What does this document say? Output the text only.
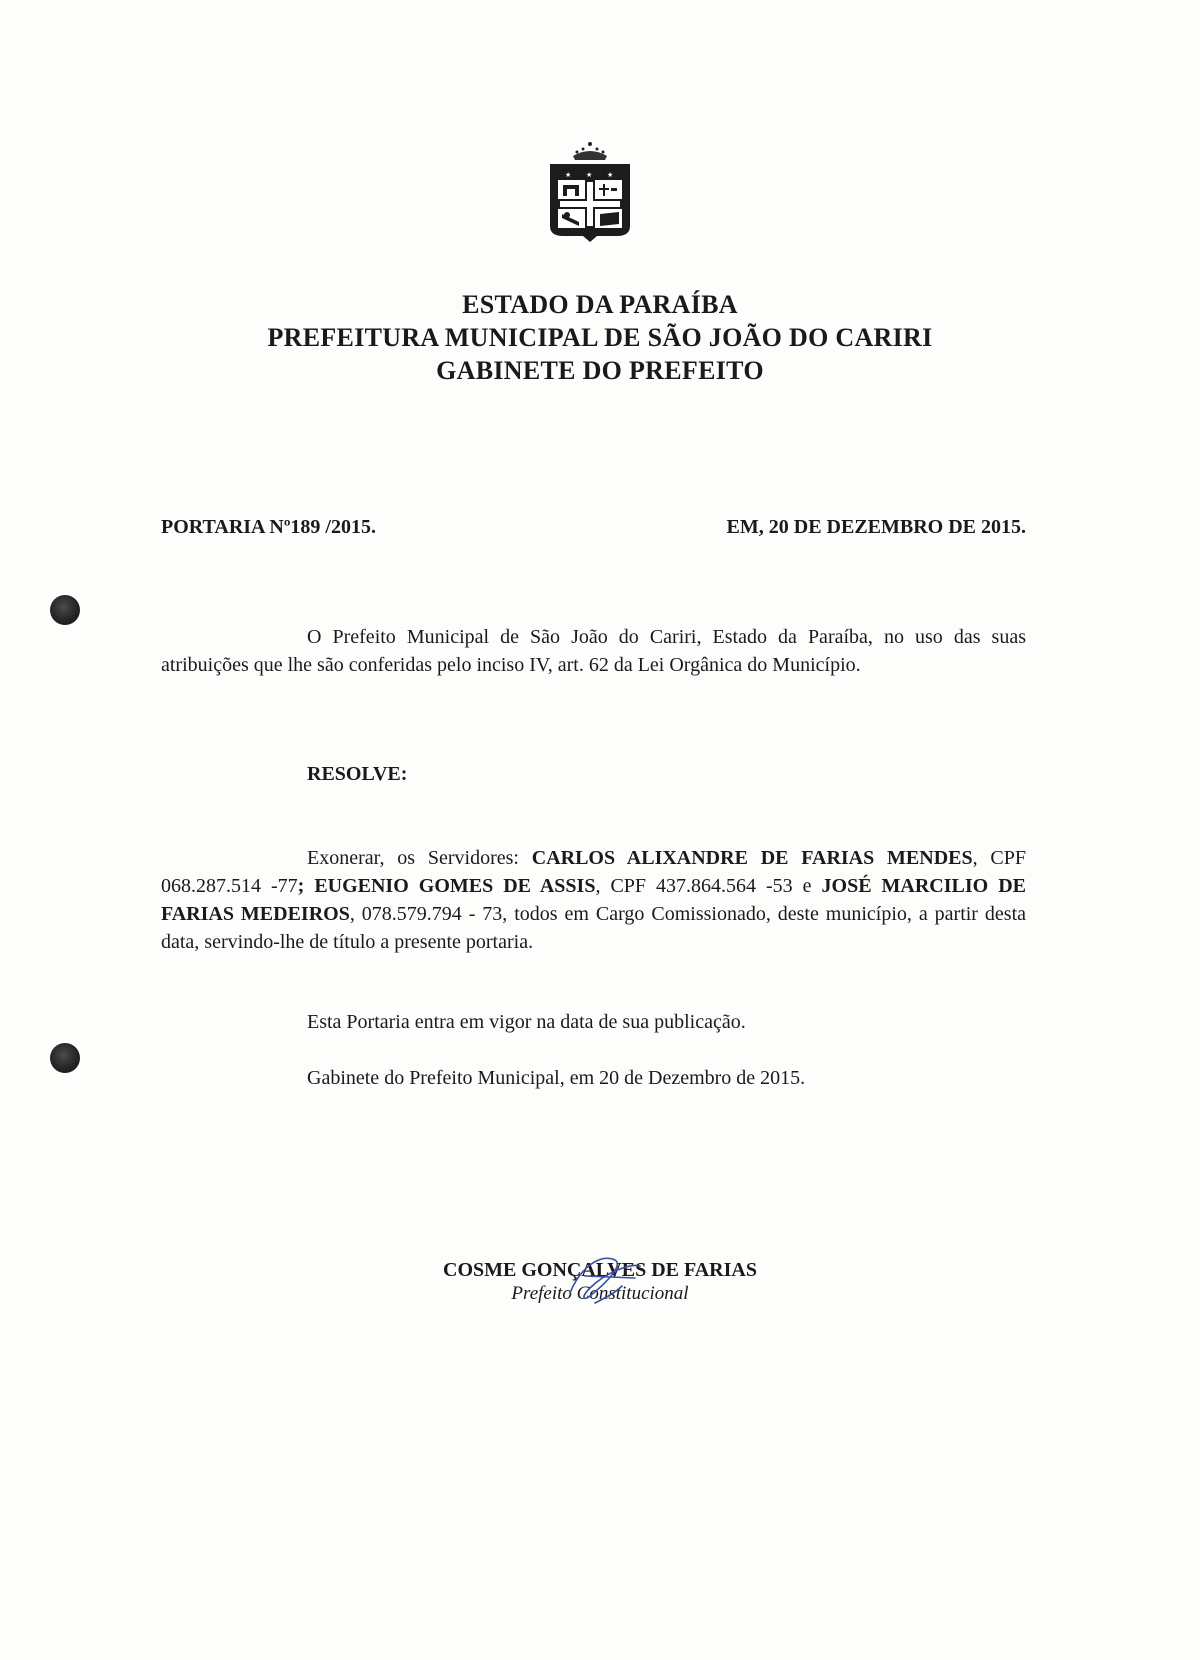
★ ★ ★
ESTADO DA PARAÍBA
PREFEITURA MUNICIPAL DE SÃO JOÃO DO CARIRI
GABINETE DO PREFEITO
PORTARIA Nº189 /2015.	EM, 20 DE DEZEMBRO DE 2015.
O Prefeito Municipal de São João do Cariri, Estado da Paraíba, no uso das suas atribuições que lhe são conferidas pelo inciso IV, art. 62 da Lei Orgânica do Município.
RESOLVE:
Exonerar, os Servidores: CARLOS ALIXANDRE DE FARIAS MENDES, CPF 068.287.514 -77; EUGENIO GOMES DE ASSIS, CPF 437.864.564 -53 e JOSÉ MARCILIO DE FARIAS MEDEIROS, 078.579.794 - 73, todos em Cargo Comissionado, deste município, a partir desta data, servindo-lhe de título a presente portaria.
Esta Portaria entra em vigor na data de sua publicação.
Gabinete do Prefeito Municipal, em 20 de Dezembro de 2015.
COSME GONÇALVES DE FARIAS
Prefeito Constitucional
